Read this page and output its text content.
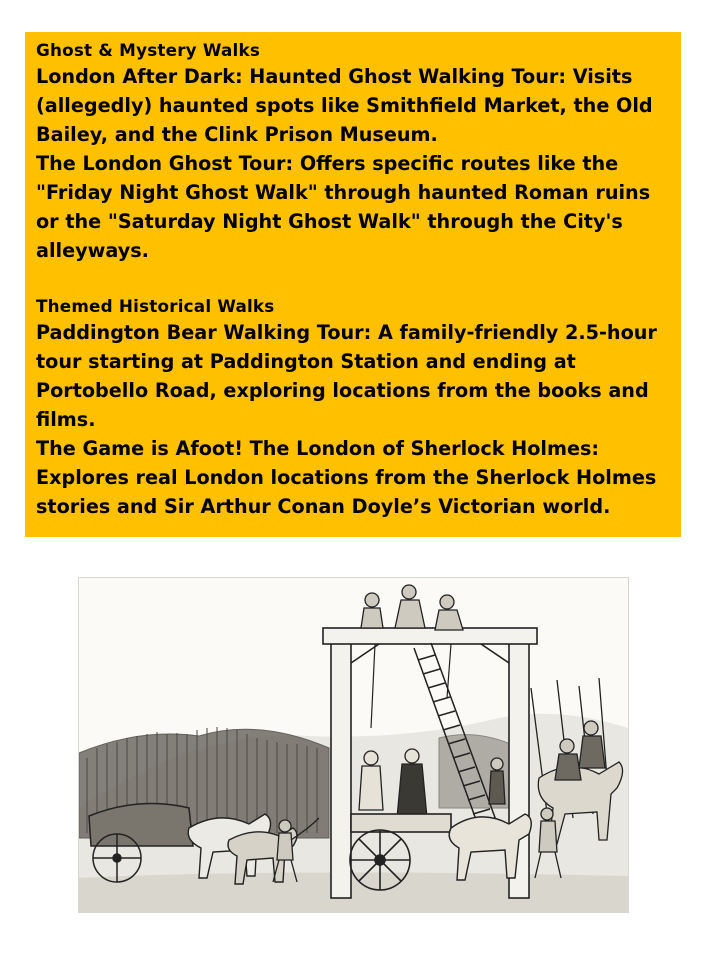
Ghost & Mystery Walks

London After Dark: Haunted Ghost Walking Tour: Visits (allegedly) haunted spots like Smithfield Market, the Old Bailey, and the Clink Prison Museum.

The London Ghost Tour: Offers specific routes like the "Friday Night Ghost Walk" through haunted Roman ruins or the "Saturday Night Ghost Walk" through the City's alleyways.

Themed Historical Walks

Paddington Bear Walking Tour: A family-friendly 2.5-hour tour starting at Paddington Station and ending at Portobello Road, exploring locations from the books and films.

The Game is Afoot! The London of Sherlock Holmes: Explores real London locations from the Sherlock Holmes stories and Sir Arthur Conan Doyle’s Victorian world.
